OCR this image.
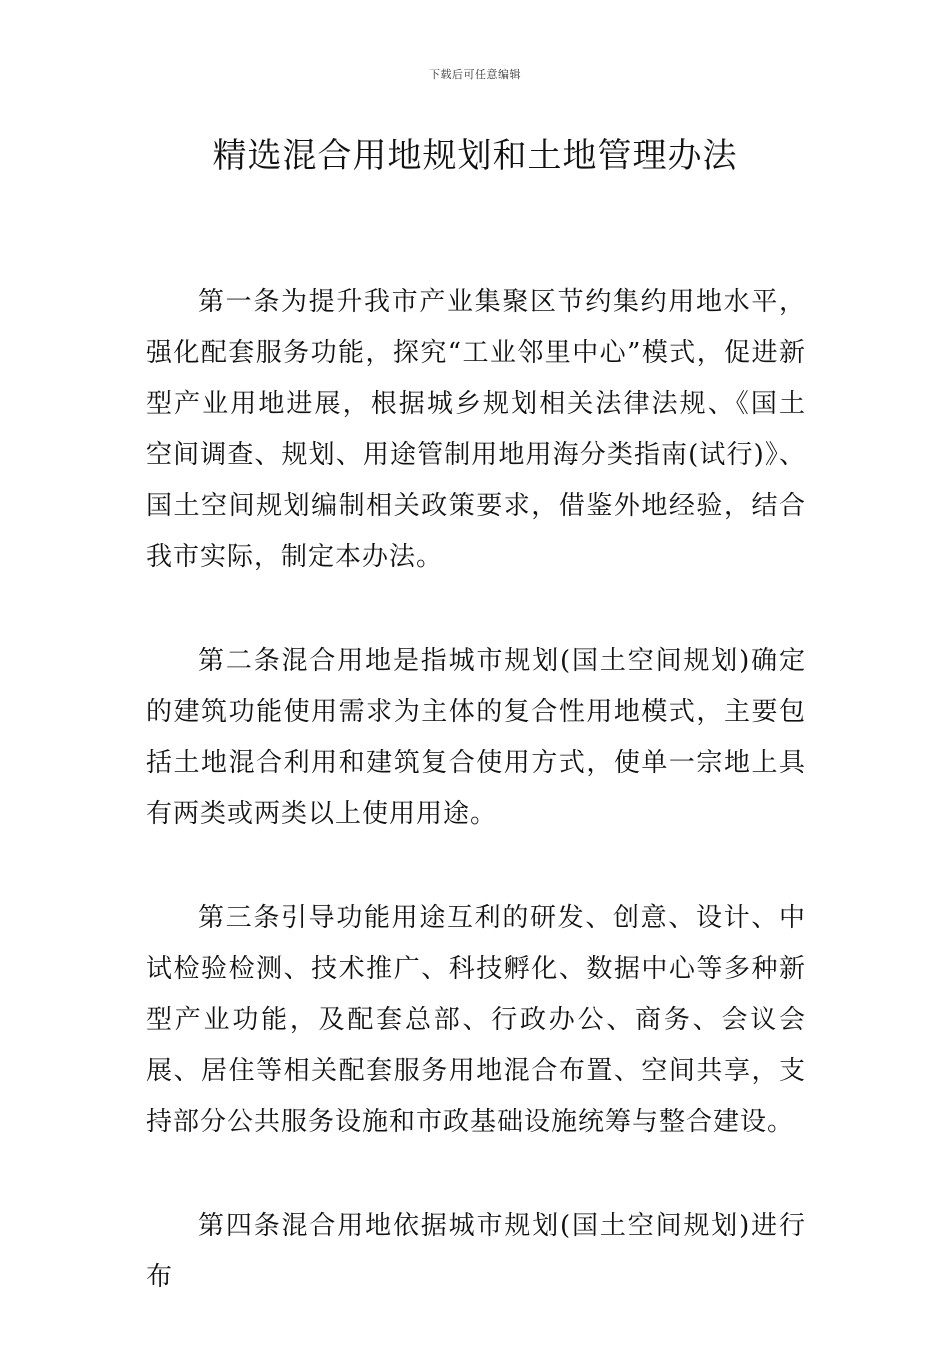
下载后可任意编辑
精选混合用地规划和土地管理办法

第一条为提升我市产业集聚区节约集约用地水平，强化配套服务功能，探究“工业邻里中心”模式，促进新型产业用地进展，根据城乡规划相关法律法规、《国土空间调查、规划、用途管制用地用海分类指南(试行)》、国土空间规划编制相关政策要求，借鉴外地经验，结合我市实际，制定本办法。

第二条混合用地是指城市规划(国土空间规划)确定的建筑功能使用需求为主体的复合性用地模式，主要包括土地混合利用和建筑复合使用方式，使单一宗地上具有两类或两类以上使用用途。

第三条引导功能用途互利的研发、创意、设计、中试检验检测、技术推广、科技孵化、数据中心等多种新型产业功能，及配套总部、行政办公、商务、会议会展、居住等相关配套服务用地混合布置、空间共享，支持部分公共服务设施和市政基础设施统筹与整合建设。

第四条混合用地依据城市规划(国土空间规划)进行布
